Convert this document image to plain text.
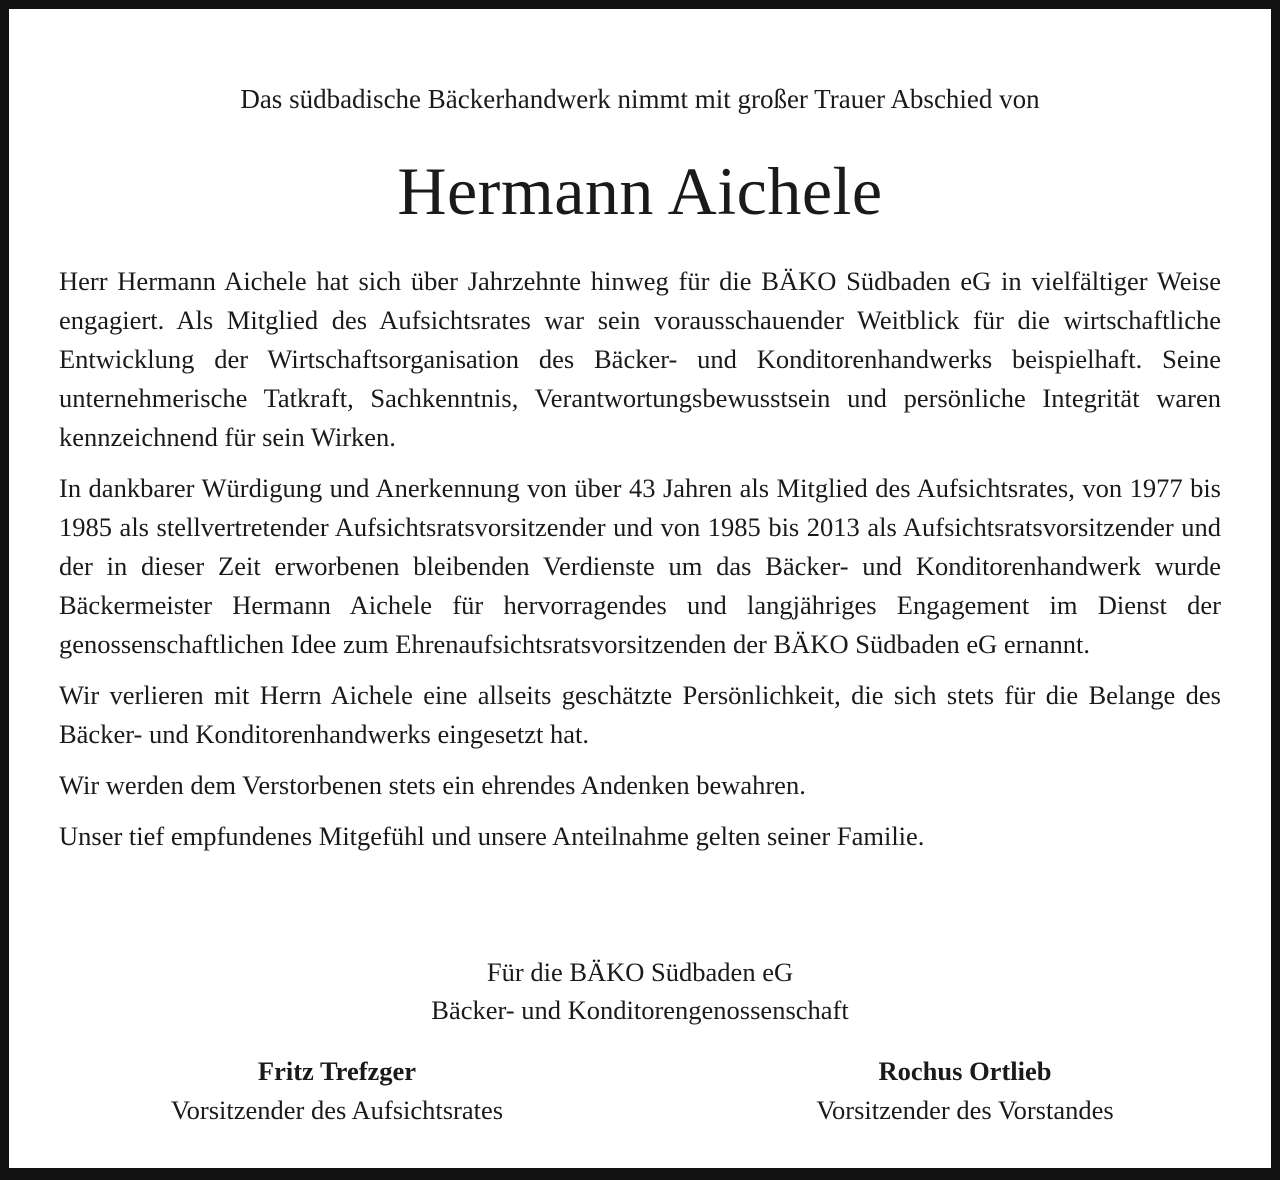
Das südbadische Bäckerhandwerk nimmt mit großer Trauer Abschied von
Hermann Aichele

Herr Hermann Aichele hat sich über Jahrzehnte hinweg für die BÄKO Südbaden eG in vielfältiger Weise engagiert. Als Mitglied des Aufsichtsrates war sein vorausschauender Weitblick für die wirtschaftliche Entwicklung der Wirtschaftsorganisation des Bäcker- und Konditorenhandwerks beispielhaft. Seine unternehmerische Tatkraft, Sachkenntnis, Verantwortungsbewusstsein und persönliche Integrität waren kennzeichnend für sein Wirken.

In dankbarer Würdigung und Anerkennung von über 43 Jahren als Mitglied des Aufsichtsrates, von 1977 bis 1985 als stellvertretender Aufsichtsratsvorsitzender und von 1985 bis 2013 als Aufsichtsratsvorsitzender und der in dieser Zeit erworbenen bleibenden Verdienste um das Bäcker- und Konditorenhandwerk wurde Bäckermeister Hermann Aichele für hervorragendes und langjähriges Engagement im Dienst der genossenschaftlichen Idee zum Ehrenaufsichtsratsvorsitzenden der BÄKO Südbaden eG ernannt.

Wir verlieren mit Herrn Aichele eine allseits geschätzte Persönlichkeit, die sich stets für die Belange des Bäcker- und Konditorenhandwerks eingesetzt hat.

Wir werden dem Verstorbenen stets ein ehrendes Andenken bewahren.

Unser tief empfundenes Mitgefühl und unsere Anteilnahme gelten seiner Familie.

Für die BÄKO Südbaden eG
Bäcker- und Konditorengenossenschaft
Fritz Trefzger
Vorsitzender des Aufsichtsrates
Rochus Ortlieb
Vorsitzender des Vorstandes
